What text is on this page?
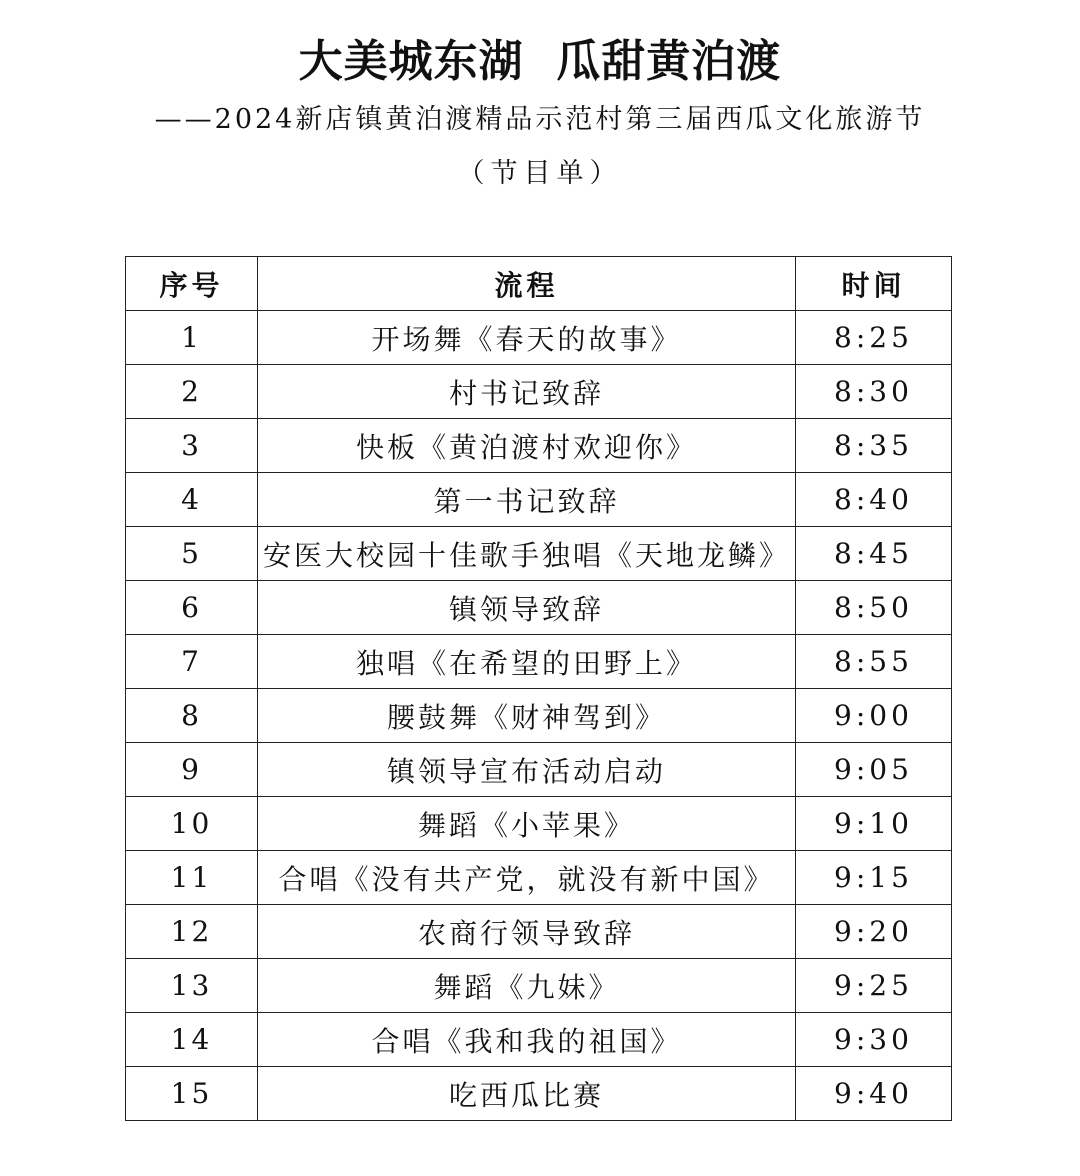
大美城东湖  瓜甜黄泊渡
——2024新店镇黄泊渡精品示范村第三届西瓜文化旅游节
（节目单）
序号	流程	时间
1	开场舞《春天的故事》	8:25
2	村书记致辞	8:30
3	快板《黄泊渡村欢迎你》	8:35
4	第一书记致辞	8:40
5	安医大校园十佳歌手独唱《天地龙鳞》	8:45
6	镇领导致辞	8:50
7	独唱《在希望的田野上》	8:55
8	腰鼓舞《财神驾到》	9:00
9	镇领导宣布活动启动	9:05
10	舞蹈《小苹果》	9:10
11	合唱《没有共产党，就没有新中国》	9:15
12	农商行领导致辞	9:20
13	舞蹈《九妹》	9:25
14	合唱《我和我的祖国》	9:30
15	吃西瓜比赛	9:40
